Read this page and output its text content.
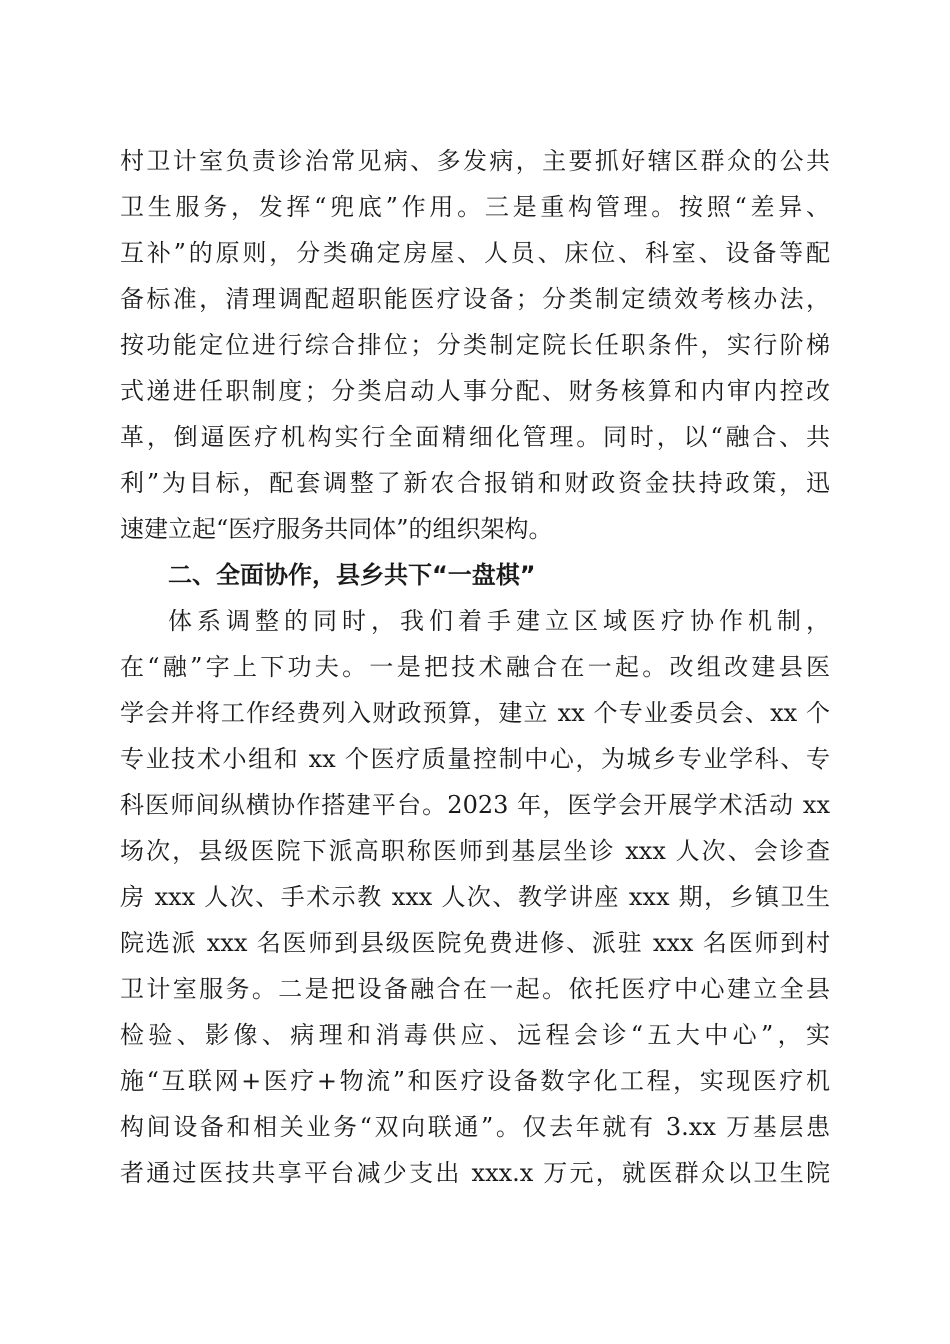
村卫计室负责诊治常见病、多发病，主要抓好辖区群众的公共
卫生服务，发挥“兜底”作用。三是重构管理。按照“差异、
互补”的原则，分类确定房屋、人员、床位、科室、设备等配
备标准，清理调配超职能医疗设备；分类制定绩效考核办法，
按功能定位进行综合排位；分类制定院长任职条件，实行阶梯
式递进任职制度；分类启动人事分配、财务核算和内审内控改
革，倒逼医疗机构实行全面精细化管理。同时，以“融合、共
利”为目标，配套调整了新农合报销和财政资金扶持政策，迅
速建立起“医疗服务共同体”的组织架构。
二、全面协作，县乡共下“一盘棋”
体系调整的同时，我们着手建立区域医疗协作机制，
在“融”字上下功夫。一是把技术融合在一起。改组改建县医
学会并将工作经费列入财政预算，建立 xx 个专业委员会、xx 个
专业技术小组和 xx 个医疗质量控制中心，为城乡专业学科、专
科医师间纵横协作搭建平台。2023 年，医学会开展学术活动 xx
场次，县级医院下派高职称医师到基层坐诊 xxx 人次、会诊查
房 xxx 人次、手术示教 xxx 人次、教学讲座 xxx 期，乡镇卫生
院选派 xxx 名医师到县级医院免费进修、派驻 xxx 名医师到村
卫计室服务。二是把设备融合在一起。依托医疗中心建立全县
检验、影像、病理和消毒供应、远程会诊“五大中心”，实
施“互联网+医疗+物流”和医疗设备数字化工程，实现医疗机
构间设备和相关业务“双向联通”。仅去年就有 3.xx 万基层患
者通过医技共享平台减少支出 xxx.x 万元，就医群众以卫生院
